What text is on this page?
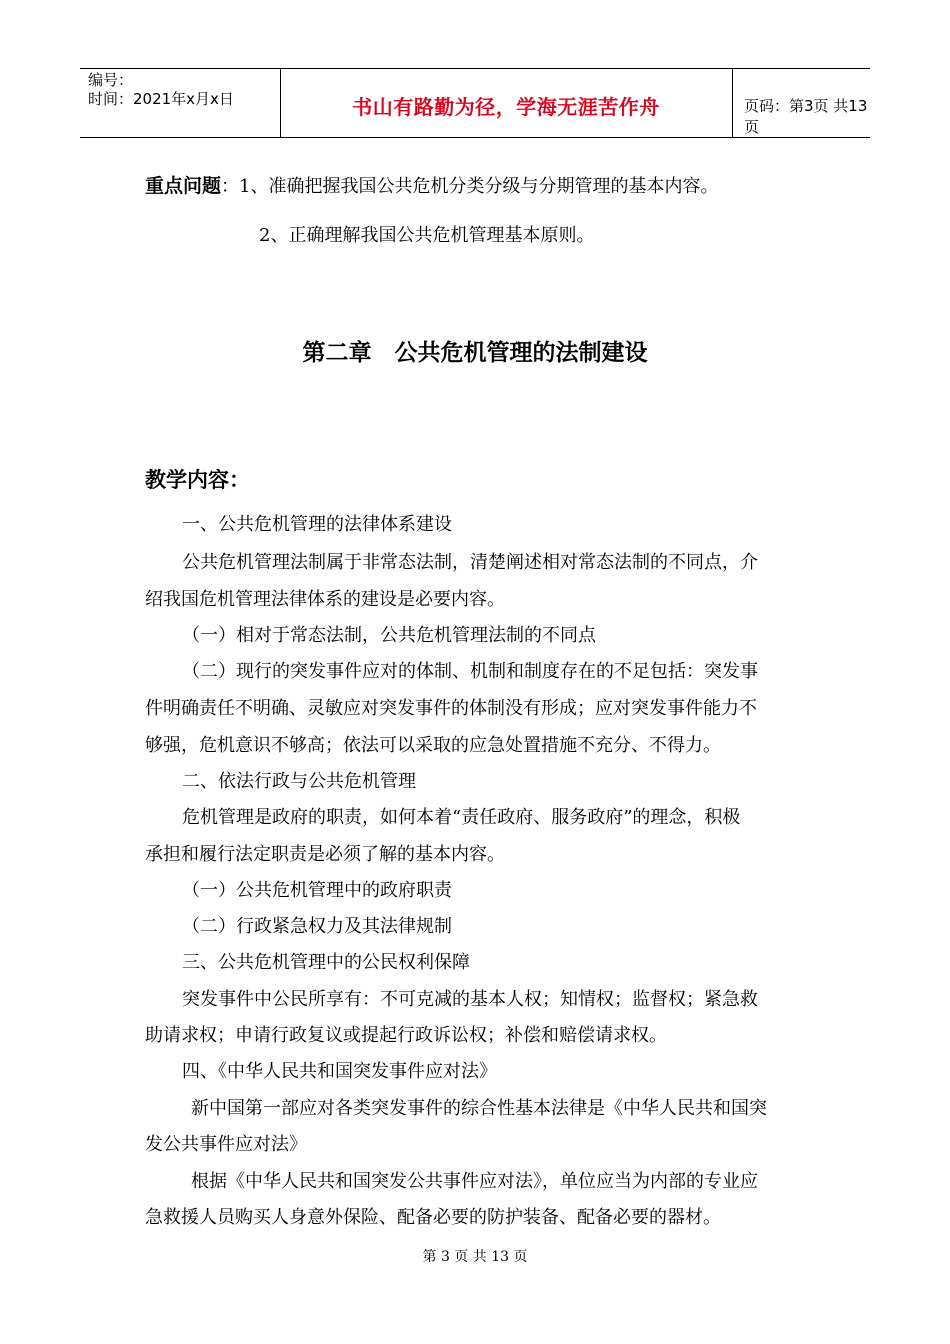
编号：
时间：2021年x月x日	书山有路勤为径，学海无涯苦作舟	页码：第3页 共13页
重点问题：1、准确把握我国公共危机分类分级与分期管理的基本内容。
2、正确理解我国公共危机管理基本原则。
第二章　公共危机管理的法制建设
教学内容：
一、公共危机管理的法律体系建设
公共危机管理法制属于非常态法制，清楚阐述相对常态法制的不同点，介
绍我国危机管理法律体系的建设是必要内容。
（一）相对于常态法制，公共危机管理法制的不同点
（二）现行的突发事件应对的体制、机制和制度存在的不足包括：突发事
件明确责任不明确、灵敏应对突发事件的体制没有形成；应对突发事件能力不
够强，危机意识不够高；依法可以采取的应急处置措施不充分、不得力。
二、依法行政与公共危机管理
危机管理是政府的职责，如何本着“责任政府、服务政府”的理念，积极
承担和履行法定职责是必须了解的基本内容。
（一）公共危机管理中的政府职责
（二）行政紧急权力及其法律规制
三、公共危机管理中的公民权利保障
突发事件中公民所享有：不可克减的基本人权；知情权；监督权；紧急救
助请求权；申请行政复议或提起行政诉讼权；补偿和赔偿请求权。
四、《中华人民共和国突发事件应对法》
新中国第一部应对各类突发事件的综合性基本法律是《中华人民共和国突
发公共事件应对法》
根据《中华人民共和国突发公共事件应对法》，单位应当为内部的专业应
急救援人员购买人身意外保险、配备必要的防护装备、配备必要的器材。
第 3 页 共 13 页
